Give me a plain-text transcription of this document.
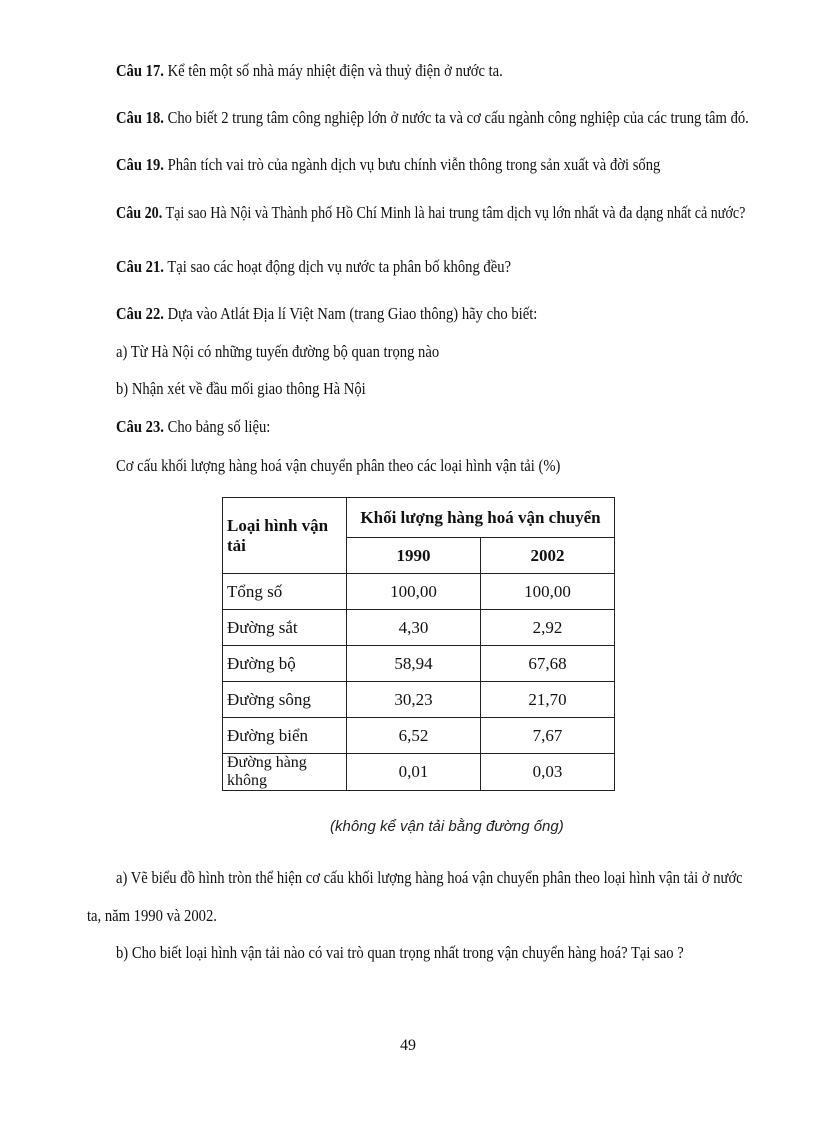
Câu 17. Kể tên một số nhà máy nhiệt điện và thuỷ điện ở nước ta.
Câu 18. Cho biết 2 trung tâm công nghiệp lớn ở nước ta và cơ cấu ngành công nghiệp của các trung tâm đó.
Câu 19. Phân tích vai trò của ngành dịch vụ bưu chính viễn thông trong sản xuất và đời sống
Câu 20. Tại sao Hà Nội và Thành phố Hồ Chí Minh là hai trung tâm dịch vụ lớn nhất và đa dạng nhất cả nước?
Câu 21. Tại sao các hoạt động dịch vụ nước ta phân bố không đều?
Câu 22. Dựa vào Atlát Địa lí Việt Nam (trang Giao thông) hãy cho biết:
a) Từ Hà Nội có những tuyến đường bộ quan trọng nào
b) Nhận xét về đầu mối giao thông Hà Nội
Câu 23. Cho bảng số liệu:
Cơ cấu khối lượng hàng hoá vận chuyển phân theo các loại hình vận tải (%)
Loại hình vận tải	Khối lượng hàng hoá vận chuyển	
	1990	2002
Tổng số	100,00	100,00
Đường sắt	4,30	2,92
Đường bộ	58,94	67,68
Đường sông	30,23	21,70
Đường biển	6,52	7,67
Đường hàng không	0,01	0,03
(không kể vận tải bằng đường ống)
a) Vẽ biểu đồ hình tròn thể hiện cơ cấu khối lượng hàng hoá vận chuyển phân theo loại hình vận tải ở nước
ta, năm 1990 và 2002.
b) Cho biết loại hình vận tải nào có vai trò quan trọng nhất trong vận chuyển hàng hoá? Tại sao ?
49
